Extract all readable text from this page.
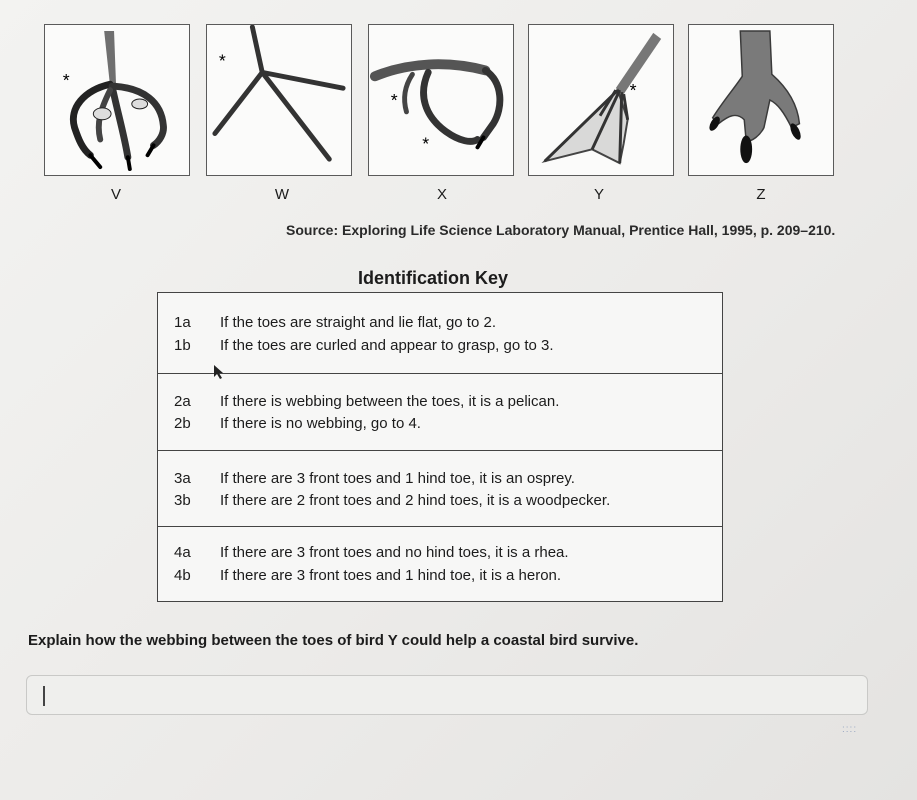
*
*
*
*
*
V	W	X	Y	Z
Source: Exploring Life Science Laboratory Manual, Prentice Hall, 1995, p. 209–210.
Identification Key
1a If the toes are straight and lie flat, go to 2.
1b If the toes are curled and appear to grasp, go to 3.
2a If there is webbing between the toes, it is a pelican.
2b If there is no webbing, go to 4.
3a If there are 3 front toes and 1 hind toe, it is an osprey.
3b If there are 2 front toes and 2 hind toes, it is a woodpecker.
4a If there are 3 front toes and no hind toes, it is a rhea.
4b If there are 3 front toes and 1 hind toe, it is a heron.
Explain how the webbing between the toes of bird Y could help a coastal bird survive.
::::
